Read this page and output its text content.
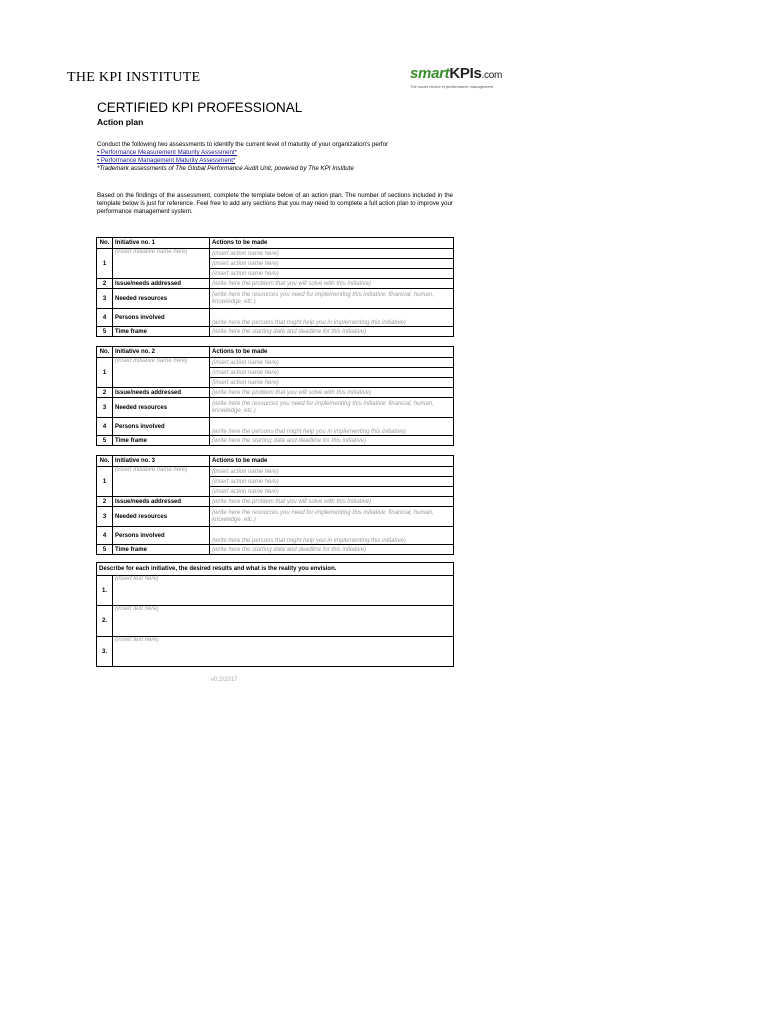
THE KPI INSTITUTE	smartKPIs.com
The smart choice in performance management
CERTIFIED KPI PROFESSIONAL
Action plan
Conduct the following two assessments to identify the current level of maturity of your organization's perfor
• Performance Measurement Maturity Assessment*
• Performance Management Maturity Assessment*
*Trademark assessments of The Global Performance Audit Unit, powered by The KPI Institute
Based on the findings of the assessment, complete the template below of an action plan. The number of sections included in the template below is just for reference. Feel free to add any sections that you may need to complete a full action plan to improve your performance management system.
No.	Initiative no. 1	Actions to be made
1	(insert initiative name here)	(insert action name here)
		(insert action name here)
		(insert action name here)
2	Issue/needs addressed	(write here the problem that you will solve with this initiative)
3	Needed resources	(write here the resources you need for implementing this initiative: financial, human, knowledge, etc.)
4	Persons involved	(write here the persons that might help you in implementing this initiative)
5	Time frame	(write here the starting date and deadline for this initiative)
No.	Initiative no. 2	Actions to be made
1	(insert initiative name here)	(insert action name here)
		(insert action name here)
		(insert action name here)
2	Issue/needs addressed	(write here the problem that you will solve with this initiative)
3	Needed resources	(write here the resources you need for implementing this initiative: financial, human, knowledge, etc.)
4	Persons involved	(write here the persons that might help you in implementing this initiative)
5	Time frame	(write here the starting date and deadline for this initiative)
No.	Initiative no. 3	Actions to be made
1	(insert initiative name here)	(insert action name here)
		(insert action name here)
		(insert action name here)
2	Issue/needs addressed	(write here the problem that you will solve with this initiative)
3	Needed resources	(write here the resources you need for implementing this initiative: financial, human, knowledge, etc.)
4	Persons involved	(write here the persons that might help you in implementing this initiative)
5	Time frame	(write here the starting date and deadline for this initiative)
Describe for each initiative, the desired results and what is the reality you envision.	
1.	(insert text here)
2.	(insert text here)
3.	(insert text here)
v0.2/2017
